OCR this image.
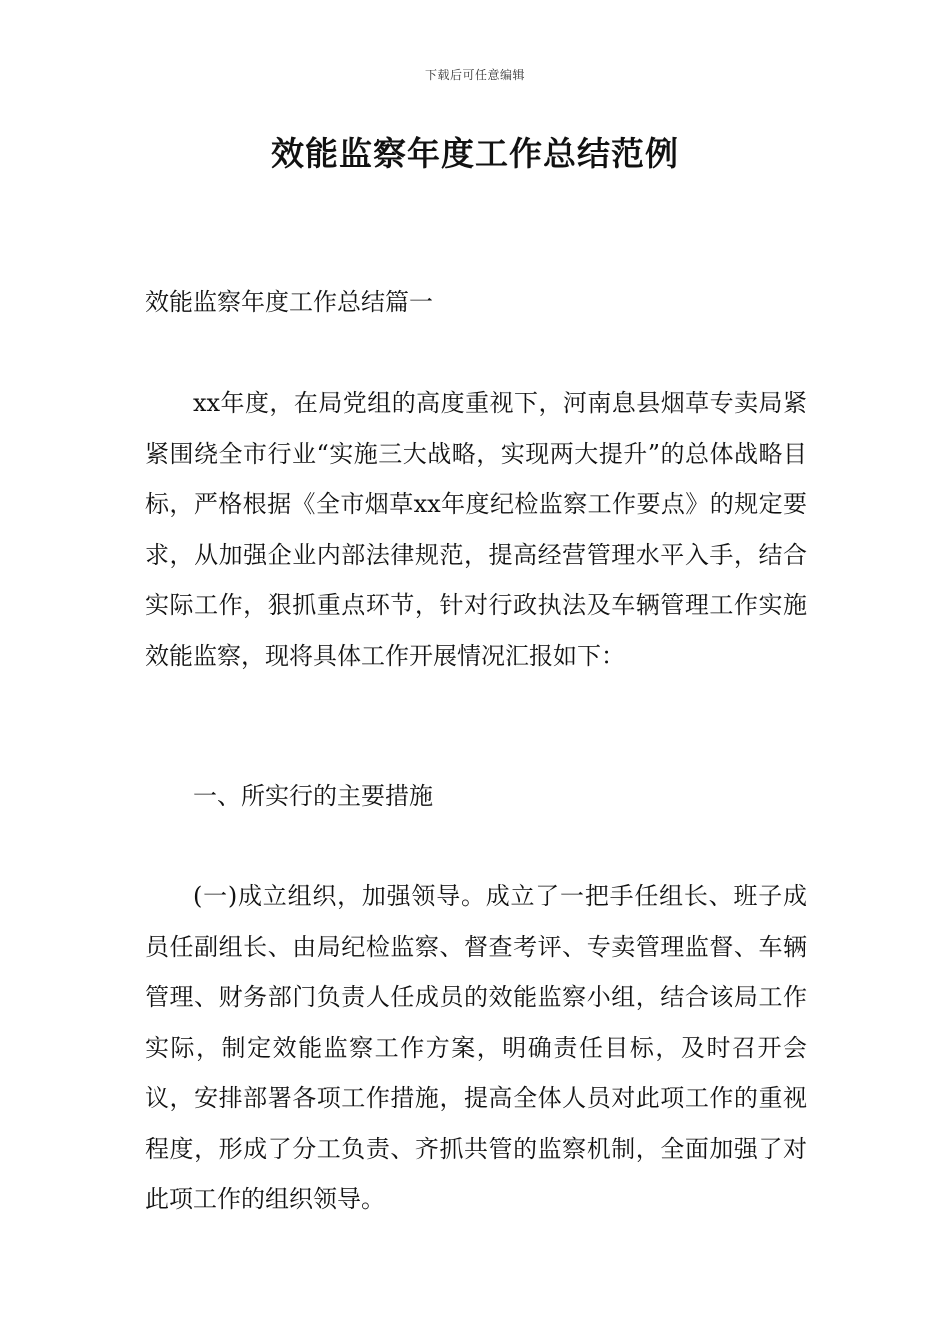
下载后可任意编辑
效能监察年度工作总结范例

效能监察年度工作总结篇一

xx年度，在局党组的高度重视下，河南息县烟草专卖局紧紧围绕全市行业“实施三大战略，实现两大提升”的总体战略目标，严格根据《全市烟草xx年度纪检监察工作要点》的规定要求，从加强企业内部法律规范，提高经营管理水平入手，结合实际工作，狠抓重点环节，针对行政执法及车辆管理工作实施效能监察，现将具体工作开展情况汇报如下：

一、所实行的主要措施

(一)成立组织，加强领导。成立了一把手任组长、班子成员任副组长、由局纪检监察、督查考评、专卖管理监督、车辆管理、财务部门负责人任成员的效能监察小组，结合该局工作实际，制定效能监察工作方案，明确责任目标，及时召开会议，安排部署各项工作措施，提高全体人员对此项工作的重视程度，形成了分工负责、齐抓共管的监察机制，全面加强了对此项工作的组织领导。
